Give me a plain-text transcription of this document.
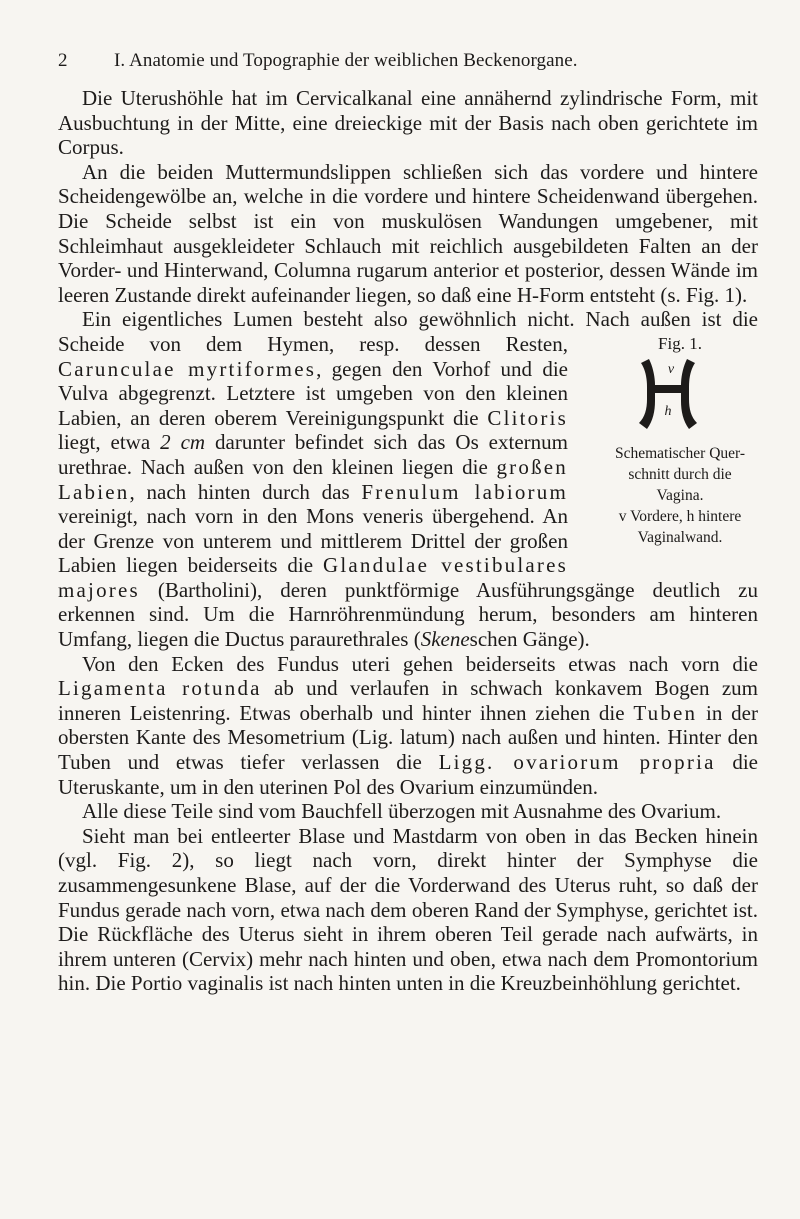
2 I. Anatomie und Topographie der weiblichen Beckenorgane.

Die Uterushöhle hat im Cervicalkanal eine annähernd zylindrische Form, mit Ausbuchtung in der Mitte, eine dreieckige mit der Basis nach oben gerichtete im Corpus.

An die beiden Muttermundslippen schließen sich das vordere und hintere Scheidengewölbe an, welche in die vordere und hintere Scheidenwand übergehen. Die Scheide selbst ist ein von muskulösen Wandungen umgebener, mit Schleimhaut ausgekleideter Schlauch mit reichlich ausgebildeten Falten an der Vorder- und Hinterwand, Columna rugarum anterior et posterior, dessen Wände im leeren Zustande direkt aufeinander liegen, so daß eine H-Form entsteht (s. Fig. 1).

Ein eigentliches Lumen besteht also gewöhnlich nicht. Nach außen ist die Scheide von dem Hymen, resp. dessen Resten,	Fig. 1.
v
h
Schematischer Quer-
schnitt durch die
Vagina.
v Vordere, h hintere
Vaginalwand.
Carunculae myrtiformes, gegen den Vorhof und die Vulva abgegrenzt. Letztere ist umgeben von den kleinen Labien, an deren oberem Vereinigungspunkt die Clitoris liegt, etwa 2 cm darunter befindet sich das Os externum urethrae. Nach außen von den kleinen liegen die großen Labien, nach hinten durch das Frenulum labiorum vereinigt, nach vorn in den Mons veneris übergehend. An der Grenze von unterem und mittlerem Drittel der großen Labien liegen beiderseits die Glandulae vestibulares majores (Bartholini), deren punktförmige Ausführungsgänge deutlich zu erkennen sind. Um die Harnröhrenmündung herum, besonders am hinteren Umfang, liegen die Ductus paraurethrales (Skeneschen Gänge).

Von den Ecken des Fundus uteri gehen beiderseits etwas nach vorn die Ligamenta rotunda ab und verlaufen in schwach konkavem Bogen zum inneren Leistenring. Etwas oberhalb und hinter ihnen ziehen die Tuben in der obersten Kante des Mesometrium (Lig. latum) nach außen und hinten. Hinter den Tuben und etwas tiefer verlassen die Ligg. ovariorum propria die Uteruskante, um in den uterinen Pol des Ovarium einzumünden.

Alle diese Teile sind vom Bauchfell überzogen mit Ausnahme des Ovarium.

Sieht man bei entleerter Blase und Mastdarm von oben in das Becken hinein (vgl. Fig. 2), so liegt nach vorn, direkt hinter der Symphyse die zusammengesunkene Blase, auf der die Vorderwand des Uterus ruht, so daß der Fundus gerade nach vorn, etwa nach dem oberen Rand der Symphyse, gerichtet ist. Die Rückfläche des Uterus sieht in ihrem oberen Teil gerade nach aufwärts, in ihrem unteren (Cervix) mehr nach hinten und oben, etwa nach dem Promontorium hin. Die Portio vaginalis ist nach hinten unten in die Kreuzbeinhöhlung gerichtet.
